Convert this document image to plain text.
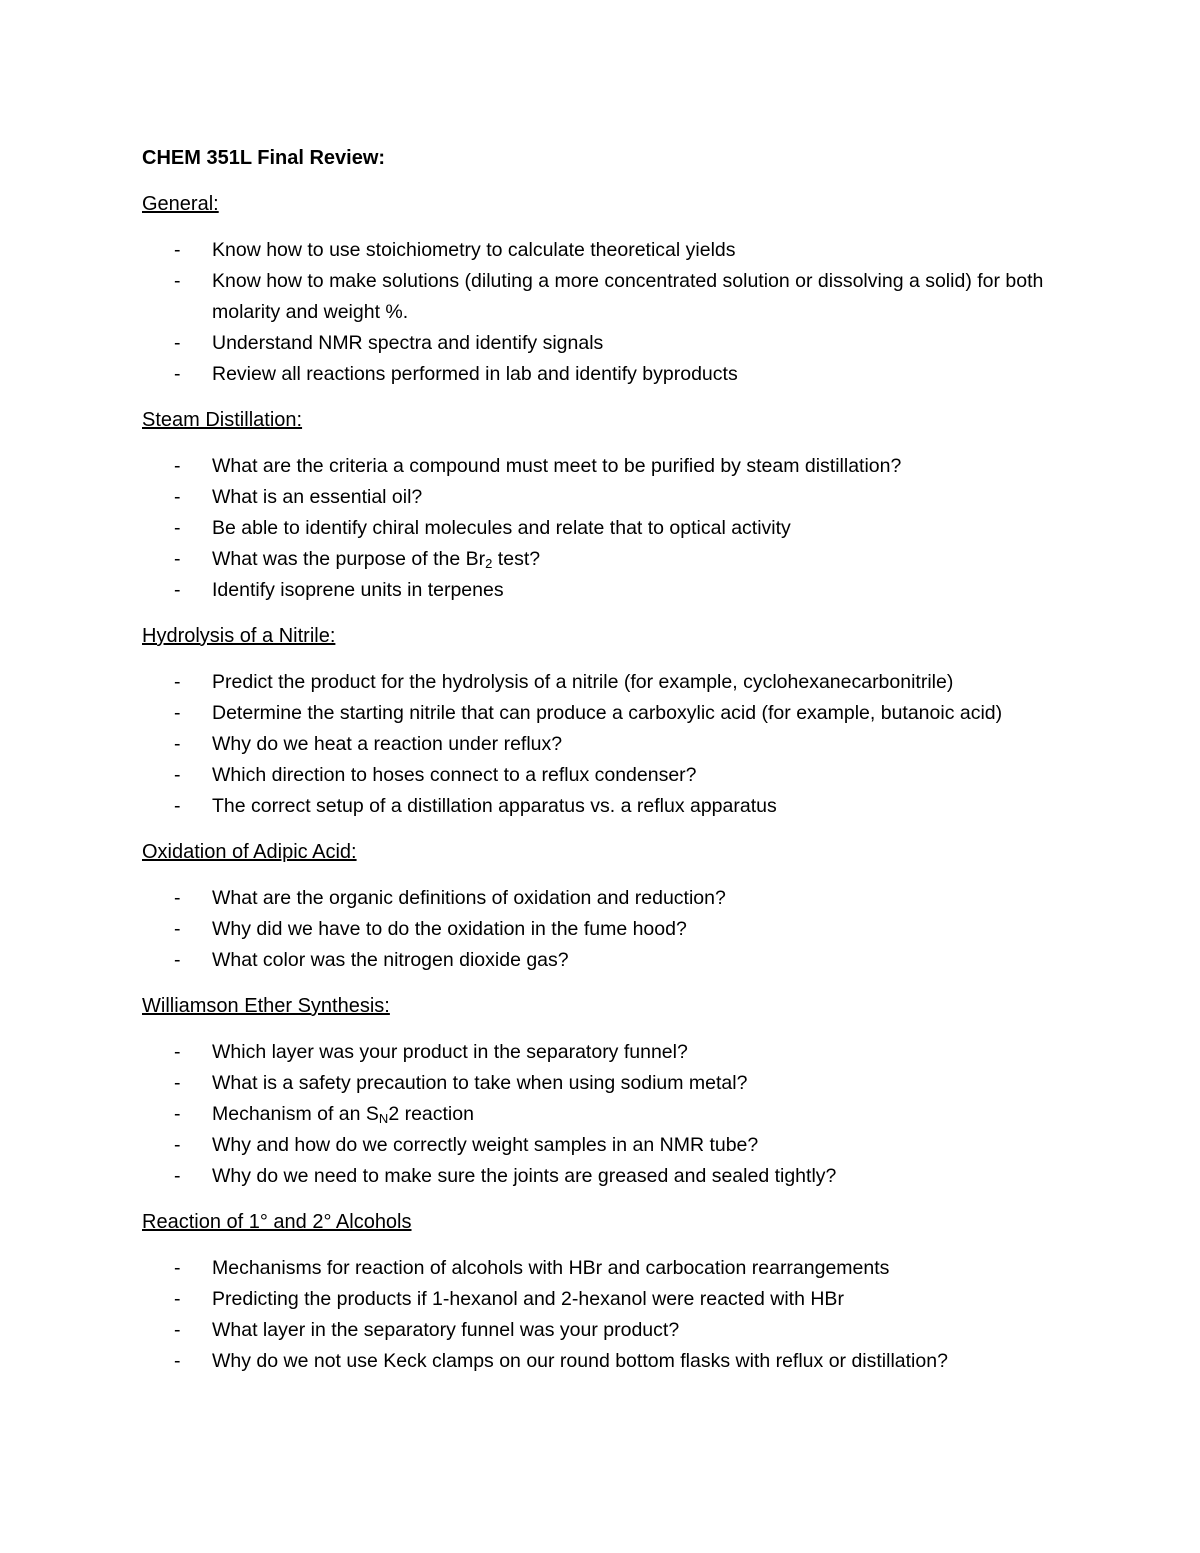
CHEM 351L Final Review:
General:
- Know how to use stoichiometry to calculate theoretical yields
- Know how to make solutions (diluting a more concentrated solution or dissolving a solid) for both molarity and weight %.
- Understand NMR spectra and identify signals
- Review all reactions performed in lab and identify byproducts
Steam Distillation:
- What are the criteria a compound must meet to be purified by steam distillation?
- What is an essential oil?
- Be able to identify chiral molecules and relate that to optical activity
- What was the purpose of the $Br_2$ test?
- Identify isoprene units in terpenes
Hydrolysis of a Nitrile:
- Predict the product for the hydrolysis of a nitrile (for example, cyclohexanecarbonitrile)
- Determine the starting nitrile that can produce a carboxylic acid (for example, butanoic acid)
- Why do we heat a reaction under reflux?
- Which direction to hoses connect to a reflux condenser?
- The correct setup of a distillation apparatus vs. a reflux apparatus
Oxidation of Adipic Acid:
- What are the organic definitions of oxidation and reduction?
- Why did we have to do the oxidation in the fume hood?
- What color was the nitrogen dioxide gas?
Williamson Ether Synthesis:
- Which layer was your product in the separatory funnel?
- What is a safety precaution to take when using sodium metal?
- Mechanism of an $S_N2$ reaction
- Why and how do we correctly weight samples in an NMR tube?
- Why do we need to make sure the joints are greased and sealed tightly?
Reaction of 1° and 2° Alcohols
- Mechanisms for reaction of alcohols with HBr and carbocation rearrangements
- Predicting the products if 1-hexanol and 2-hexanol were reacted with HBr
- What layer in the separatory funnel was your product?
- Why do we not use Keck clamps on our round bottom flasks with reflux or distillation?
